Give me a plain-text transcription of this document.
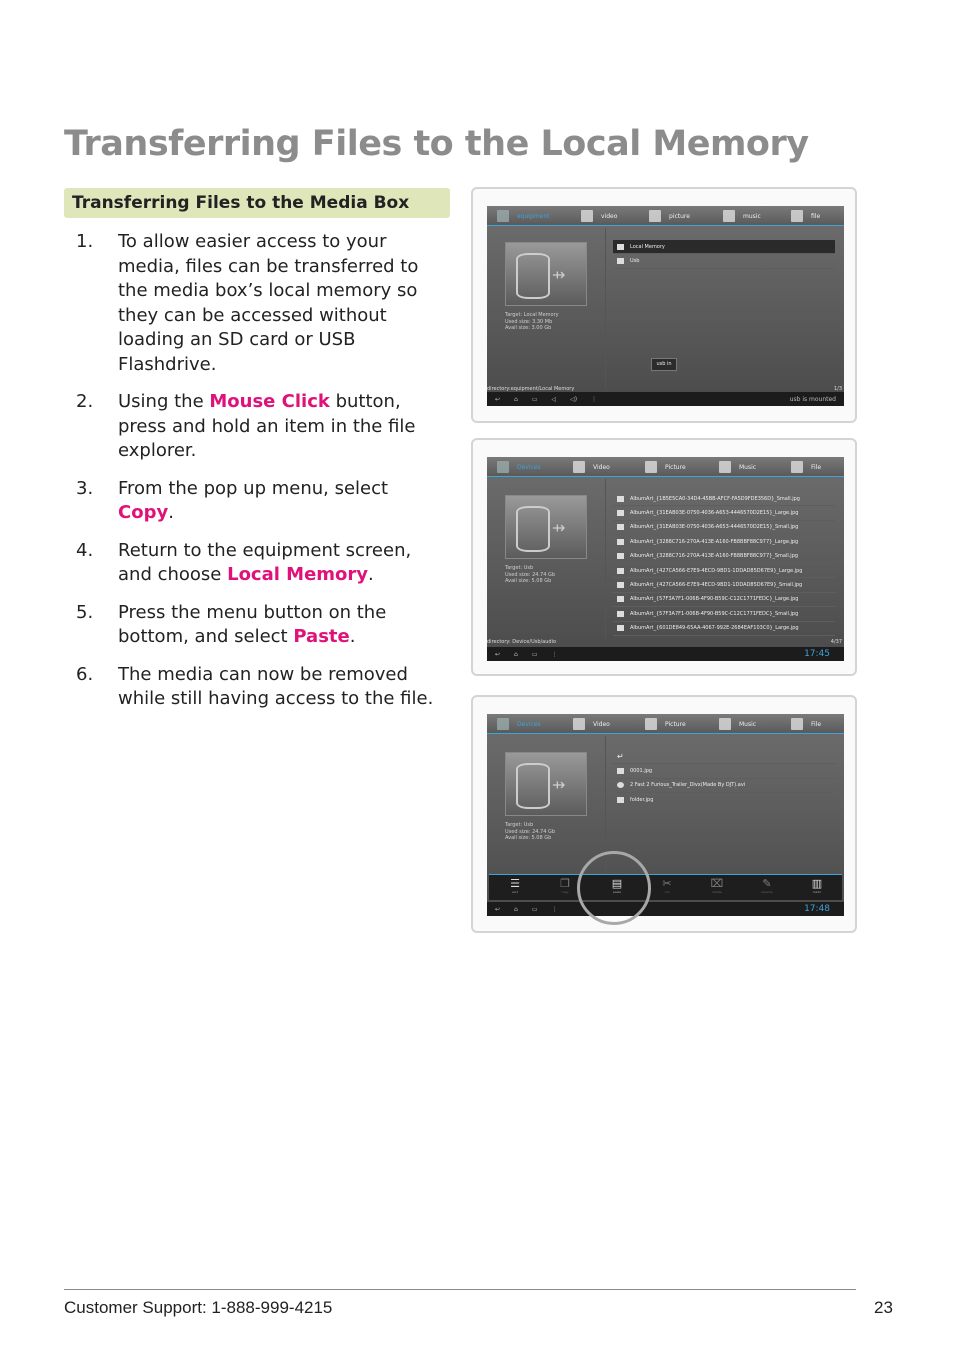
Transferring Files to the Local Memory
Transferring Files to the Media Box
1. To allow easier access to your media, files can be transferred to the media box’s local memory so they can be accessed without loading an SD card or USB Flashdrive.
2. Using the Mouse Click button, press and hold an item in the file explorer.
3. From the pop up menu, select Copy.
4. Return to the equipment screen, and choose Local Memory.
5. Press the menu button on the bottom, and select Paste.
6. The media can now be removed while still having access to the file.
equipment	video	picture	music	file
⇸
Target: Local Memory
Used size: 3.30 Mb
Avail size: 3.00 Gb
Local Memory
Usb
usb in
directory:equipment/Local Memory	1/3
↩ ⌂ ▭ ◁ ◁) ⋮	usb is mounted
Devices	Video	Picture	Music	File
⇸
Target: Usb
Used size: 24.74 Gb
Avail size: 5.08 Gb
AlbumArt_{1B5E5CA0-34D4-45BB-AFCF-FA5D9FDE356D}_Small.jpg
AlbumArt_{31EAB03E-0750-4036-A653-4446570D2E15}_Large.jpg
AlbumArt_{31EAB03E-0750-4036-A653-4446570D2E15}_Small.jpg
AlbumArt_{3288C716-270A-413E-A160-FB8BBF88C977}_Large.jpg
AlbumArt_{3288C716-270A-413E-A160-FB8BBF88C977}_Small.jpg
AlbumArt_{427CA566-E7E9-4ECD-9BD1-1DDAD85D67E9}_Large.jpg
AlbumArt_{427CA566-E7E9-4ECD-9BD1-1DDAD85D67E9}_Small.jpg
AlbumArt_{57F3A7F1-006B-4F90-B59C-C12C1771FEDC}_Large.jpg
AlbumArt_{57F3A7F1-006B-4F90-B59C-C12C1771FEDC}_Small.jpg
AlbumArt_{601DE849-65AA-4067-992E-2684EAF103C0}_Large.jpg
directory: Device/Usb/audio	4/37
↩ ⌂ ▭ ⋮	17:45
Devices	Video	Picture	Music	File
⇸
Target: Usb
Used size: 24.74 Gb
Avail size: 5.08 Gb
↵
0001.jpg
2 Fast 2 Furious_Trailer_Divx(Made By DJT).avi
folder.jpg
☰
sort
❐
copy
▤
paste
✂
cut
⌧
delete
✎
rename
▥
mkdir
↩ ⌂ ▭ ⋮	17:48
Customer Support: 1-888-999-4215	23
